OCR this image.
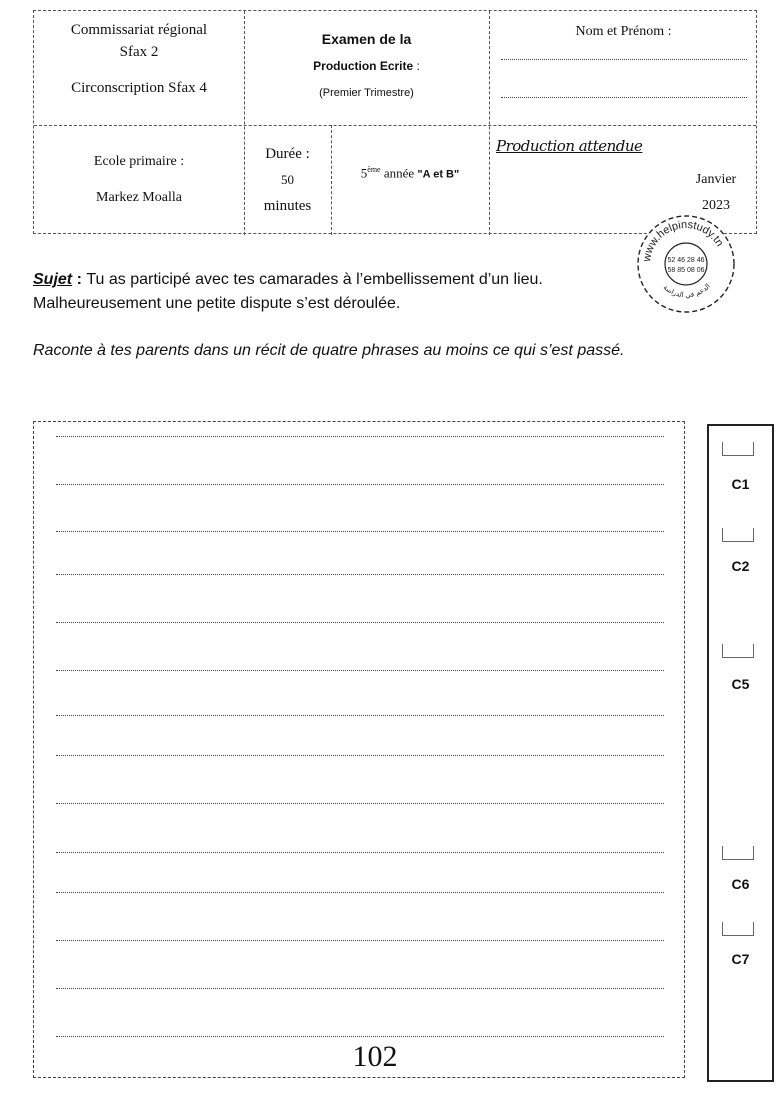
Commissariat régional
Sfax 2
Circonscription Sfax 4
Examen de la
Production Ecrite :
(Premier Trimestre)
Nom et Prénom :
Ecole primaire :
Markez Moalla
Durée :
50
minutes
5ème année "A et B"
Production attendue
Janvier
2023
www.helpinstudy.tn
52 46 28 46
58 85 08 06
الدعم في الدراسة
Sujet : Tu as participé avec tes camarades à l’embellissement d’un lieu.
Malheureusement une petite dispute s’est déroulée.
Raconte à tes parents dans un récit de quatre phrases au moins ce qui s’est passé.
102
C1
C2
C5
C6
C7
